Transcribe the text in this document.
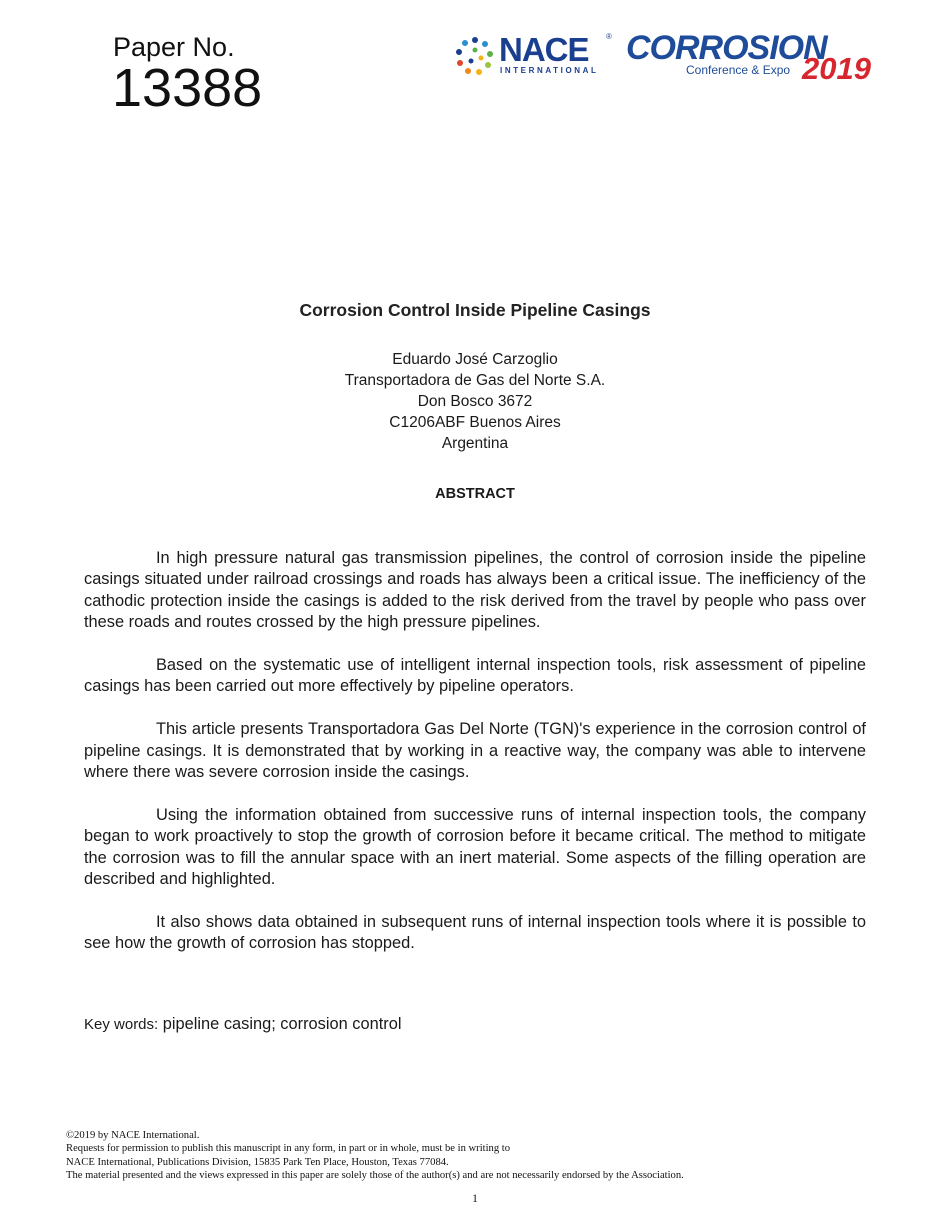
Paper No.
13388
NACE ®
INTERNATIONAL
CORROSION
Conference & Expo 2019
Corrosion Control Inside Pipeline Casings
Eduardo José Carzoglio
Transportadora de Gas del Norte S.A.
Don Bosco 3672
C1206ABF Buenos Aires
Argentina
ABSTRACT

In high pressure natural gas transmission pipelines, the control of corrosion inside the pipeline casings situated under railroad crossings and roads has always been a critical issue. The inefficiency of the cathodic protection inside the casings is added to the risk derived from the travel by people who pass over these roads and routes crossed by the high pressure pipelines.

Based on the systematic use of intelligent internal inspection tools, risk assessment of pipeline casings has been carried out more effectively by pipeline operators.

This article presents Transportadora Gas Del Norte (TGN)'s experience in the corrosion control of pipeline casings. It is demonstrated that by working in a reactive way, the company was able to intervene where there was severe corrosion inside the casings.

Using the information obtained from successive runs of internal inspection tools, the company began to work proactively to stop the growth of corrosion before it became critical. The method to mitigate the corrosion was to fill the annular space with an inert material. Some aspects of the filling operation are described and highlighted.

It also shows data obtained in subsequent runs of internal inspection tools where it is possible to see how the growth of corrosion has stopped.

Key words: pipeline casing; corrosion control
©2019 by NACE International.
Requests for permission to publish this manuscript in any form, in part or in whole, must be in writing to
NACE International, Publications Division, 15835 Park Ten Place, Houston, Texas 77084.
The material presented and the views expressed in this paper are solely those of the author(s) and are not necessarily endorsed by the Association.
1
